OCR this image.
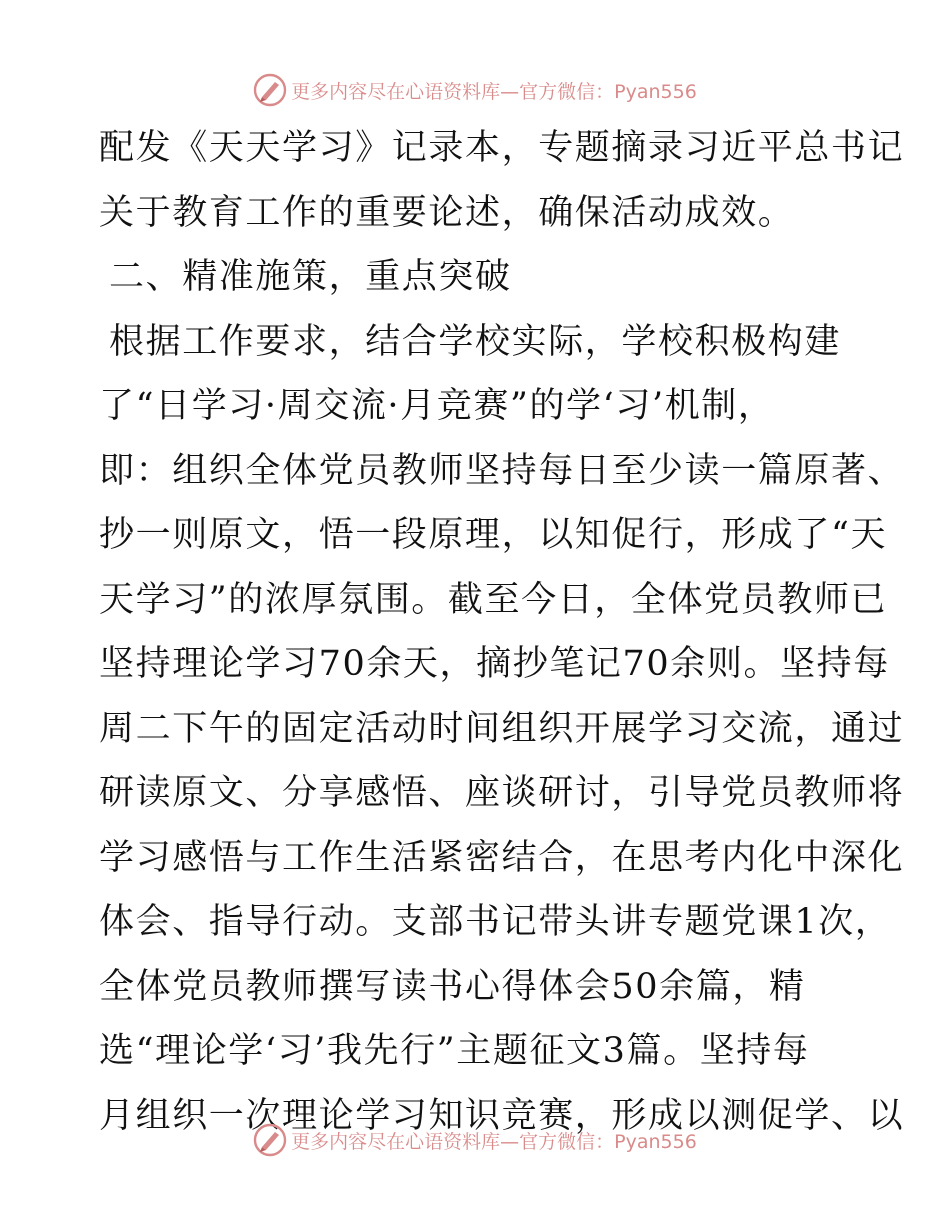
更多内容尽在心语资料库—官方微信：Pyan556
配发《天天学习》记录本，专题摘录习近平总书记
关于教育工作的重要论述，确保活动成效。
二、精准施策，重点突破
根据工作要求，结合学校实际，学校积极构建
了“日学习·周交流·月竞赛”的学‘习’机制，
即：组织全体党员教师坚持每日至少读一篇原著、
抄一则原文，悟一段原理，以知促行，形成了“天
天学习”的浓厚氛围。截至今日，全体党员教师已
坚持理论学习70余天，摘抄笔记70余则。坚持每
周二下午的固定活动时间组织开展学习交流，通过
研读原文、分享感悟、座谈研讨，引导党员教师将
学习感悟与工作生活紧密结合，在思考内化中深化
体会、指导行动。支部书记带头讲专题党课1次，
全体党员教师撰写读书心得体会50余篇，精
选“理论学‘习’我先行”主题征文3篇。坚持每
月组织一次理论学习知识竞赛，形成以测促学、以
更多内容尽在心语资料库—官方微信：Pyan556
